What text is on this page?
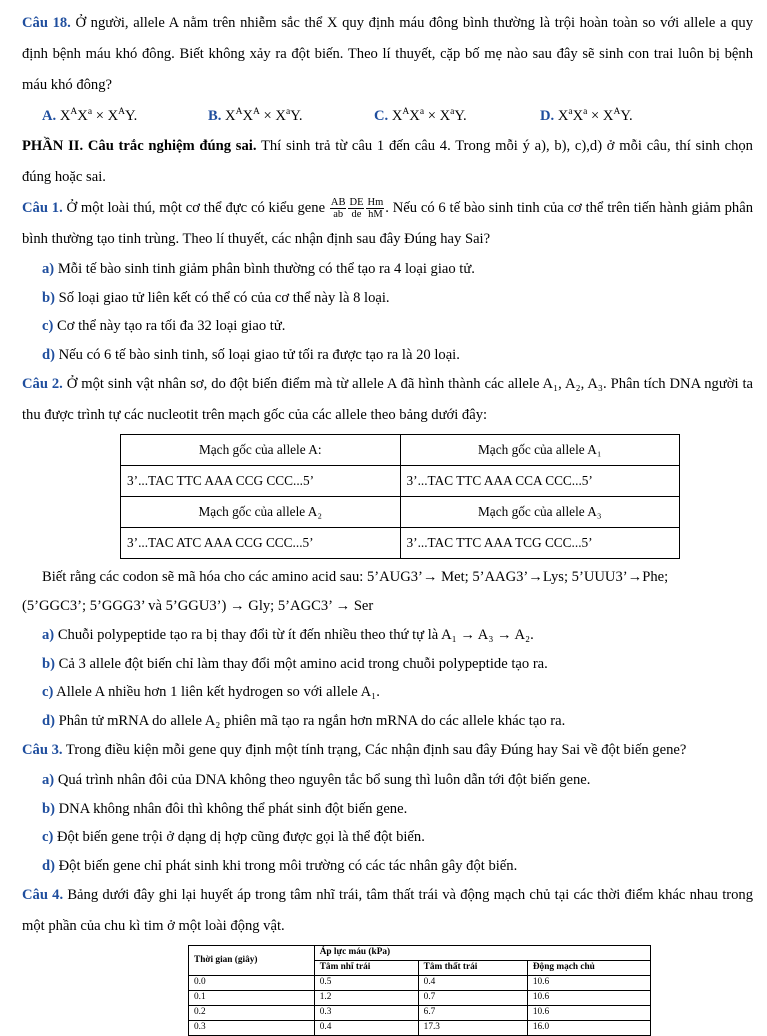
Câu 18. Ở người, allele A nằm trên nhiễm sắc thể X quy định máu đông bình thường là trội hoàn toàn so với allele a quy định bệnh máu khó đông. Biết không xảy ra đột biến. Theo lí thuyết, cặp bố mẹ nào sau đây sẽ sinh con trai luôn bị bệnh máu khó đông?

A. $X^AX^a \times X^AY$.	B. $X^AX^A \times X^aY$.	C. $X^AX^a \times X^aY$.	D. $X^aX^a \times X^AY$.

PHẦN II. Câu trắc nghiệm đúng sai. Thí sinh trả từ câu 1 đến câu 4. Trong mỗi ý a), b), c),d) ở mỗi câu, thí sinh chọn đúng hoặc sai.

Câu 1. Ở một loài thú, một cơ thể đực có kiểu gene $\frac{AB}{ab} \frac{DE}{de} \frac{Hm}{hM}$ . Nếu có 6 tế bào sinh tinh của cơ thể trên tiến hành giảm phân bình thường tạo tinh trùng. Theo lí thuyết, các nhận định sau đây Đúng hay Sai?

a) Mỗi tế bào sinh tinh giảm phân bình thường có thể tạo ra 4 loại giao tử.
b) Số loại giao tử liên kết có thể có của cơ thể này là 8 loại.
c) Cơ thể này tạo ra tối đa 32 loại giao tử.
d) Nếu có 6 tế bào sinh tinh, số loại giao tử tối ra được tạo ra là 20 loại.

Câu 2. Ở một sinh vật nhân sơ, do đột biến điểm mà từ allele A đã hình thành các allele A₁, A₂, A₃. Phân tích DNA người ta thu được trình tự các nucleotit trên mạch gốc của các allele theo bảng dưới đây:

Mạch gốc của allele A:	Mạch gốc của allele A₁
3’...TAC TTC AAA CCG CCC...5’	3’...TAC TTC AAA CCA CCC...5’
Mạch gốc của allele A₂	Mạch gốc của allele A₃
3’...TAC ATC AAA CCG CCC...5’	3’...TAC TTC AAA TCG CCC...5’

Biết rằng các codon sẽ mã hóa cho các amino acid sau: 5’AUG3’→ Met; 5’AAG3’→Lys; 5’UUU3’→Phe;

(5’GGC3’; 5’GGG3’ và 5’GGU3’) → Gly; 5’AGC3’ → Ser

a) Chuỗi polypeptide tạo ra bị thay đổi từ ít đến nhiều theo thứ tự là A₁ → A₃ → A₂.
b) Cả 3 allele đột biến chỉ làm thay đổi một amino acid trong chuỗi polypeptide tạo ra.
c) Allele A nhiều hơn 1 liên kết hydrogen so với allele A₁.
d) Phân tử mRNA do allele A₂ phiên mã tạo ra ngắn hơn mRNA do các allele khác tạo ra.

Câu 3. Trong điều kiện mỗi gene quy định một tính trạng, Các nhận định sau đây Đúng hay Sai về đột biến gene?

a) Quá trình nhân đôi của DNA không theo nguyên tắc bổ sung thì luôn dẫn tới đột biến gene.
b) DNA không nhân đôi thì không thể phát sinh đột biến gene.
c) Đột biến gene trội ở dạng dị hợp cũng được gọi là thể đột biến.
d) Đột biến gene chỉ phát sinh khi trong môi trường có các tác nhân gây đột biến.

Câu 4. Bảng dưới đây ghi lại huyết áp trong tâm nhĩ trái, tâm thất trái và động mạch chủ tại các thời điểm khác nhau trong một phần của chu kì tim ở một loài động vật.

Thời gian (giây)	Áp lực máu (kPa)		
	Tâm nhĩ trái	Tâm thất trái	Động mạch chủ
0.0	0.5	0.4	10.6
0.1	1.2	0.7	10.6
0.2	0.3	6.7	10.6
0.3	0.4	17.3	16.0
